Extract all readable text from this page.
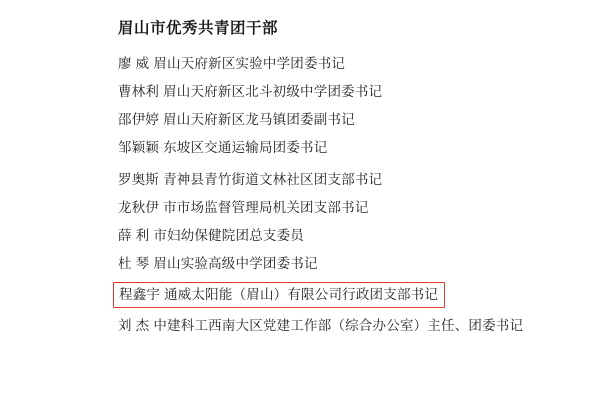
眉山市优秀共青团干部
廖 威 眉山天府新区实验中学团委书记
曹林利 眉山天府新区北斗初级中学团委书记
邵伊婷 眉山天府新区龙马镇团委副书记
邹颖颖 东坡区交通运输局团委书记
罗奥斯 青神县青竹街道文林社区团支部书记
龙秋伊 市市场监督管理局机关团支部书记
薛 利 市妇幼保健院团总支委员
杜 琴 眉山实验高级中学团委书记
程鑫宇 通威太阳能（眉山）有限公司行政团支部书记
刘 杰 中建科工西南大区党建工作部（综合办公室）主任、团委书记
